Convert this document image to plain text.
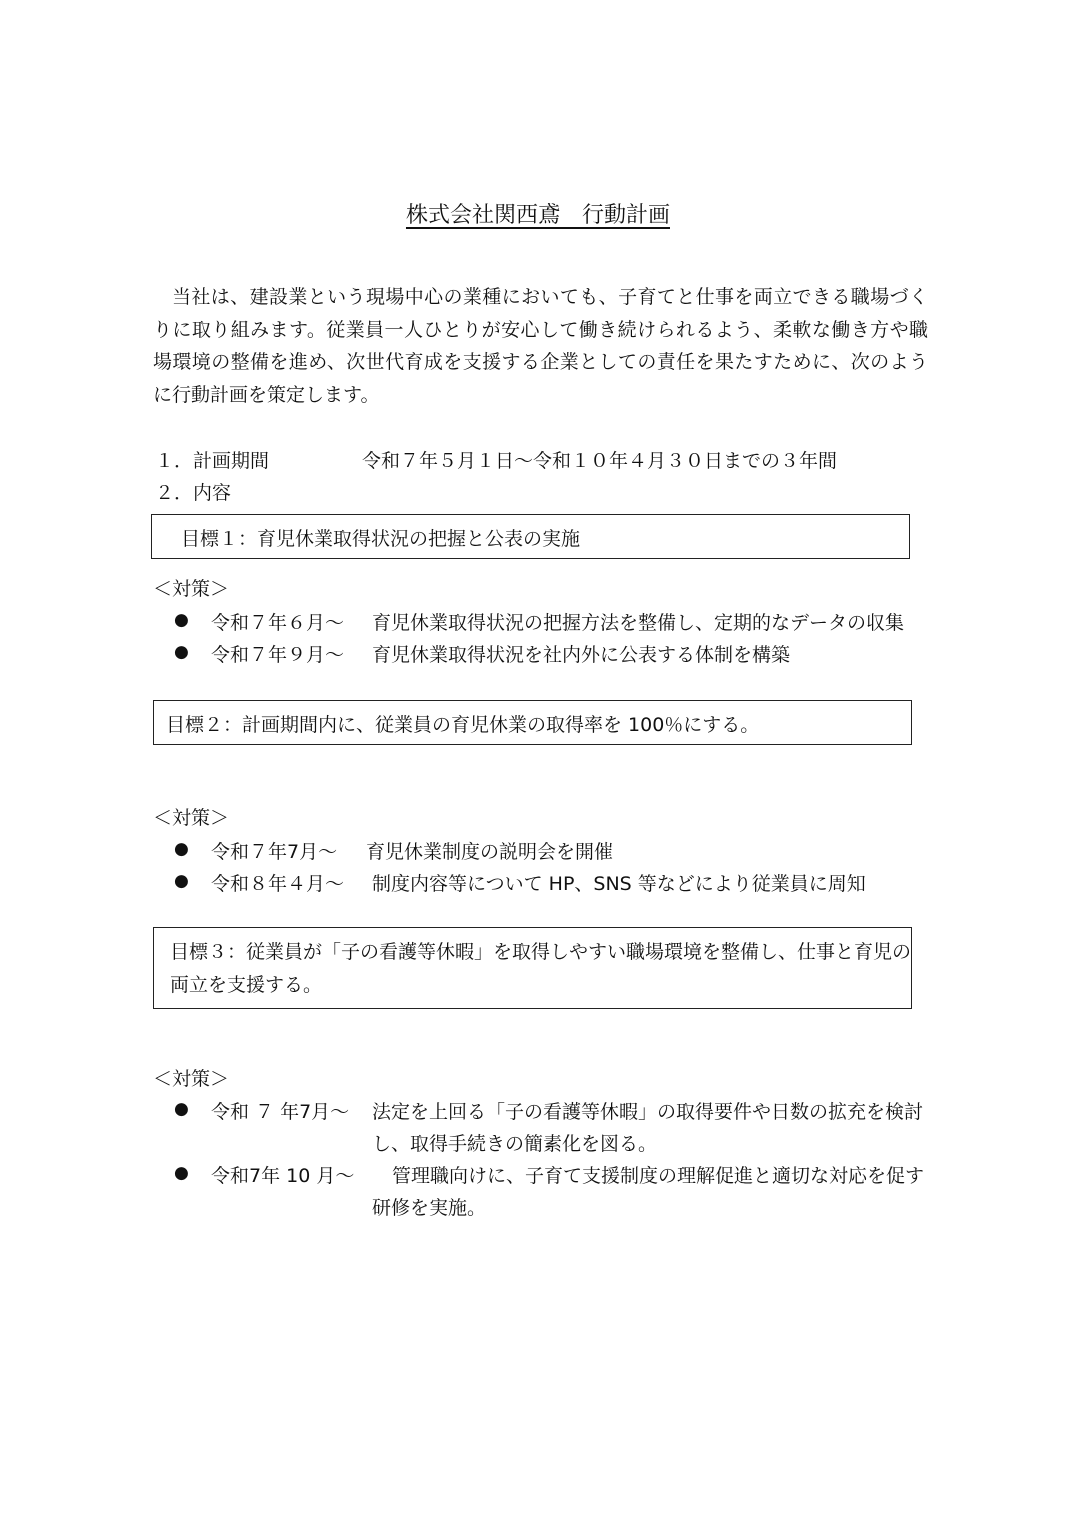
株式会社関西鳶　行動計画
当社は、建設業という現場中心の業種においても、子育てと仕事を両立できる職場づくりに取り組みます。従業員一人ひとりが安心して働き続けられるよう、柔軟な働き方や職場環境の整備を進め、次世代育成を支援する企業としての責任を果たすために、次のように行動計画を策定します。
１．計画期間	令和７年５月１日～令和１０年４月３０日までの３年間
２．内容
目標１：育児休業取得状況の把握と公表の実施
＜対策＞
● 令和７年６月～ 育児休業取得状況の把握方法を整備し、定期的なデータの収集
● 令和７年９月～ 育児休業取得状況を社内外に公表する体制を構築
目標２：計画期間内に、従業員の育児休業の取得率を 100％にする。
＜対策＞
● 令和７年7月～ 育児休業制度の説明会を開催
● 令和８年４月～ 制度内容等について HP、SNS 等などにより従業員に周知
目標３：従業員が「子の看護等休暇」を取得しやすい職場環境を整備し、仕事と育児の
両立を支援する。
＜対策＞
● 令和 ７ 年7月～ 法定を上回る「子の看護等休暇」の取得要件や日数の拡充を検討
し、取得手続きの簡素化を図る。
● 令和7年 10 月～ 管理職向けに、子育て支援制度の理解促進と適切な対応を促す
研修を実施。
